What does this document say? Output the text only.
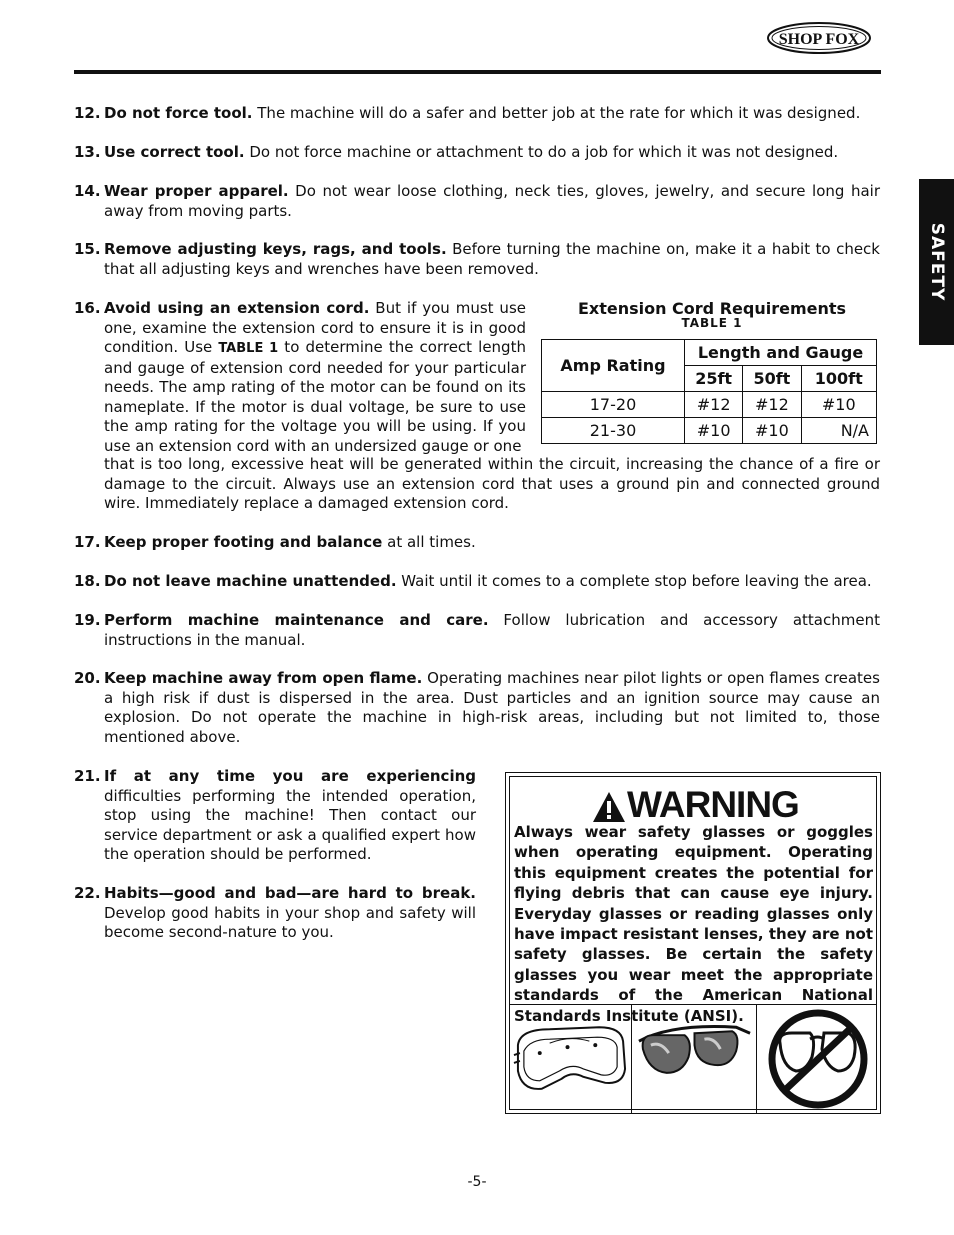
SHOP FOX
SAFETY
12. Do not force tool. The machine will do a safer and better job at the rate for which it was designed.
13. Use correct tool. Do not force machine or attachment to do a job for which it was not designed.
14. Wear proper apparel. Do not wear loose clothing, neck ties, gloves, jewelry, and secure long hair away from moving parts.
15. Remove adjusting keys, rags, and tools. Before turning the machine on, make it a habit to check that all adjusting keys and wrenches have been removed.
16. Avoid using an extension cord. But if you must use one, examine the extension cord to ensure it is in good condition. Use TABLE 1 to determine the correct length and gauge of extension cord needed for your particular needs. The amp rating of the motor can be found on its nameplate. If the motor is dual voltage, be sure to use the amp rating for the voltage you will be using. If you use an extension cord with an undersized gauge or one
that is too long, excessive heat will be generated within the circuit, increasing the chance of a fire or damage to the circuit. Always use an extension cord that uses a ground pin and connected ground wire. Immediately replace a damaged extension cord.
Extension Cord Requirements
TABLE 1
Amp Rating	Length and Gauge		
	25ft	50ft	100ft
17-20	#12	#12	#10
21-30	#10	#10	N/A
17. Keep proper footing and balance at all times.
18. Do not leave machine unattended. Wait until it comes to a complete stop before leaving the area.
19. Perform machine maintenance and care. Follow lubrication and accessory attachment instructions in the manual.
20. Keep machine away from open flame. Operating machines near pilot lights or open flames creates a high risk if dust is dispersed in the area. Dust particles and an ignition source may cause an explosion. Do not operate the machine in high-risk areas, including but not limited to, those mentioned above.
21. If at any time you are experiencing difficulties performing the intended operation, stop using the machine! Then contact our service department or ask a qualified expert how the operation should be performed.
22. Habits—good and bad—are hard to break. Develop good habits in your shop and safety will become second-nature to you.
WARNING
Always wear safety glasses or goggles when operating equipment. Operating this equipment creates the potential for flying debris that can cause eye injury. Everyday glasses or reading glasses only have impact resistant lenses, they are not safety glasses. Be certain the safety glasses you wear meet the appropriate standards of the American National Standards Institute (ANSI).
-5-
